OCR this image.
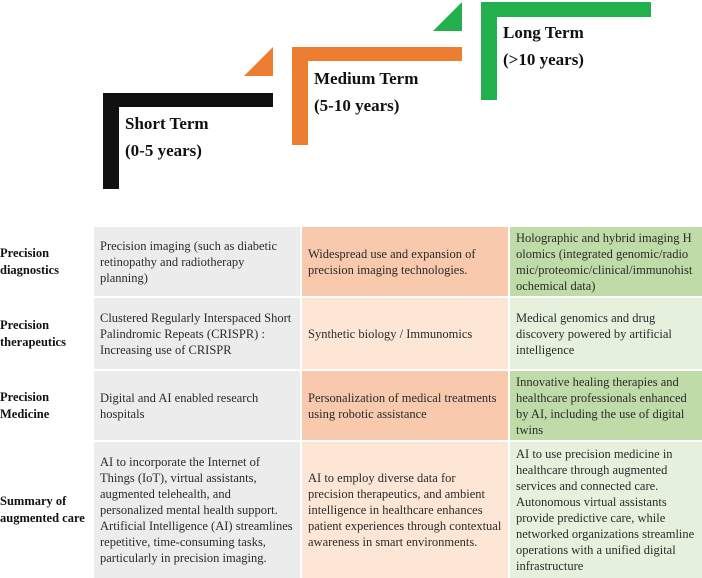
Short Term
(0-5 years)
Medium Term
(5-10 years)
Long Term
(>10 years)
Precision diagnostics
Precision imaging (such as diabetic retinopathy and radiotherapy planning)
Widespread use and expansion of precision imaging technologies.
Holographic and hybrid imaging Holomics (integrated genomic/radiomic/proteomic/clinical/immunohistochemical data)
Precision therapeutics
Clustered Regularly Interspaced Short Palindromic Repeats (CRISPR) : Increasing use of CRISPR
Synthetic biology / Immunomics
Medical genomics and drug discovery powered by artificial intelligence
Precision Medicine
Digital and AI enabled research hospitals
Personalization of medical treatments using robotic assistance
Innovative healing therapies and healthcare professionals enhanced by AI, including the use of digital twins
Summary of augmented care
AI to incorporate the Internet of Things (IoT), virtual assistants, augmented telehealth, and personalized mental health support. Artificial Intelligence (AI) streamlines repetitive, time-consuming tasks, particularly in precision imaging.
AI to employ diverse data for precision therapeutics, and ambient intelligence in healthcare enhances patient experiences through contextual awareness in smart environments.
AI to use precision medicine in healthcare through augmented services and connected care. Autonomous virtual assistants provide predictive care, while networked organizations streamline operations with a unified digital infrastructure
